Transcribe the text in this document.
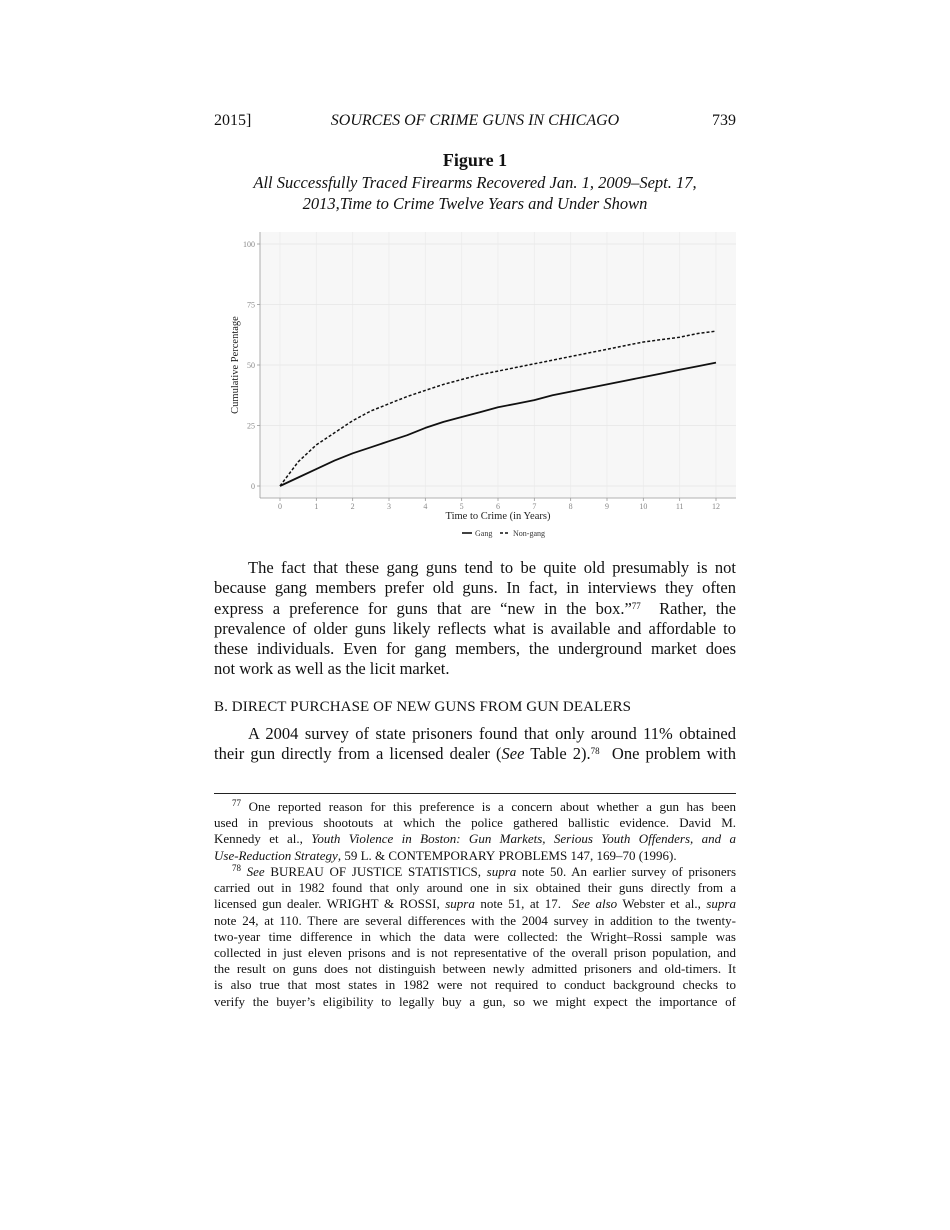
2015]	SOURCES OF CRIME GUNS IN CHICAGO	739
Figure 1
All Successfully Traced Firearms Recovered Jan. 1, 2009–Sept. 17,
2013,Time to Crime Twelve Years and Under Shown
0
25
50
75
100
0	1	2	3	4	5	6	7	8	9	10	11	12
Cumulative Percentage
Time to Crime (in Years)
Gang	Non-gang
The fact that these gang guns tend to be quite old presumably is not
because gang members prefer old guns. In fact, in interviews they often
express a preference for guns that are “new in the box.”$^{77}$  Rather, the
prevalence of older guns likely reflects what is available and affordable to
these individuals. Even for gang members, the underground market does
not work as well as the licit market.
B. DIRECT PURCHASE OF NEW GUNS FROM GUN DEALERS
A 2004 survey of state prisoners found that only around 11% obtained
their gun directly from a licensed dealer (See Table 2).$^{78}$  One problem with
$^{77}$ One reported reason for this preference is a concern about whether a gun has been
used in previous shootouts at which the police gathered ballistic evidence. David M.
Kennedy et al., Youth Violence in Boston: Gun Markets, Serious Youth Offenders, and a
Use-Reduction Strategy, 59 L. & CONTEMPORARY PROBLEMS 147, 169–70 (1996).
$^{78}$ See BUREAU OF JUSTICE STATISTICS, supra note 50. An earlier survey of prisoners
carried out in 1982 found that only around one in six obtained their guns directly from a
licensed gun dealer. WRIGHT & ROSSI, supra note 51, at 17.  See also Webster et al., supra
note 24, at 110. There are several differences with the 2004 survey in addition to the twenty-
two-year time difference in which the data were collected: the Wright–Rossi sample was
collected in just eleven prisons and is not representative of the overall prison population, and
the result on guns does not distinguish between newly admitted prisoners and old-timers. It
is also true that most states in 1982 were not required to conduct background checks to
verify the buyer’s eligibility to legally buy a gun, so we might expect the importance of
